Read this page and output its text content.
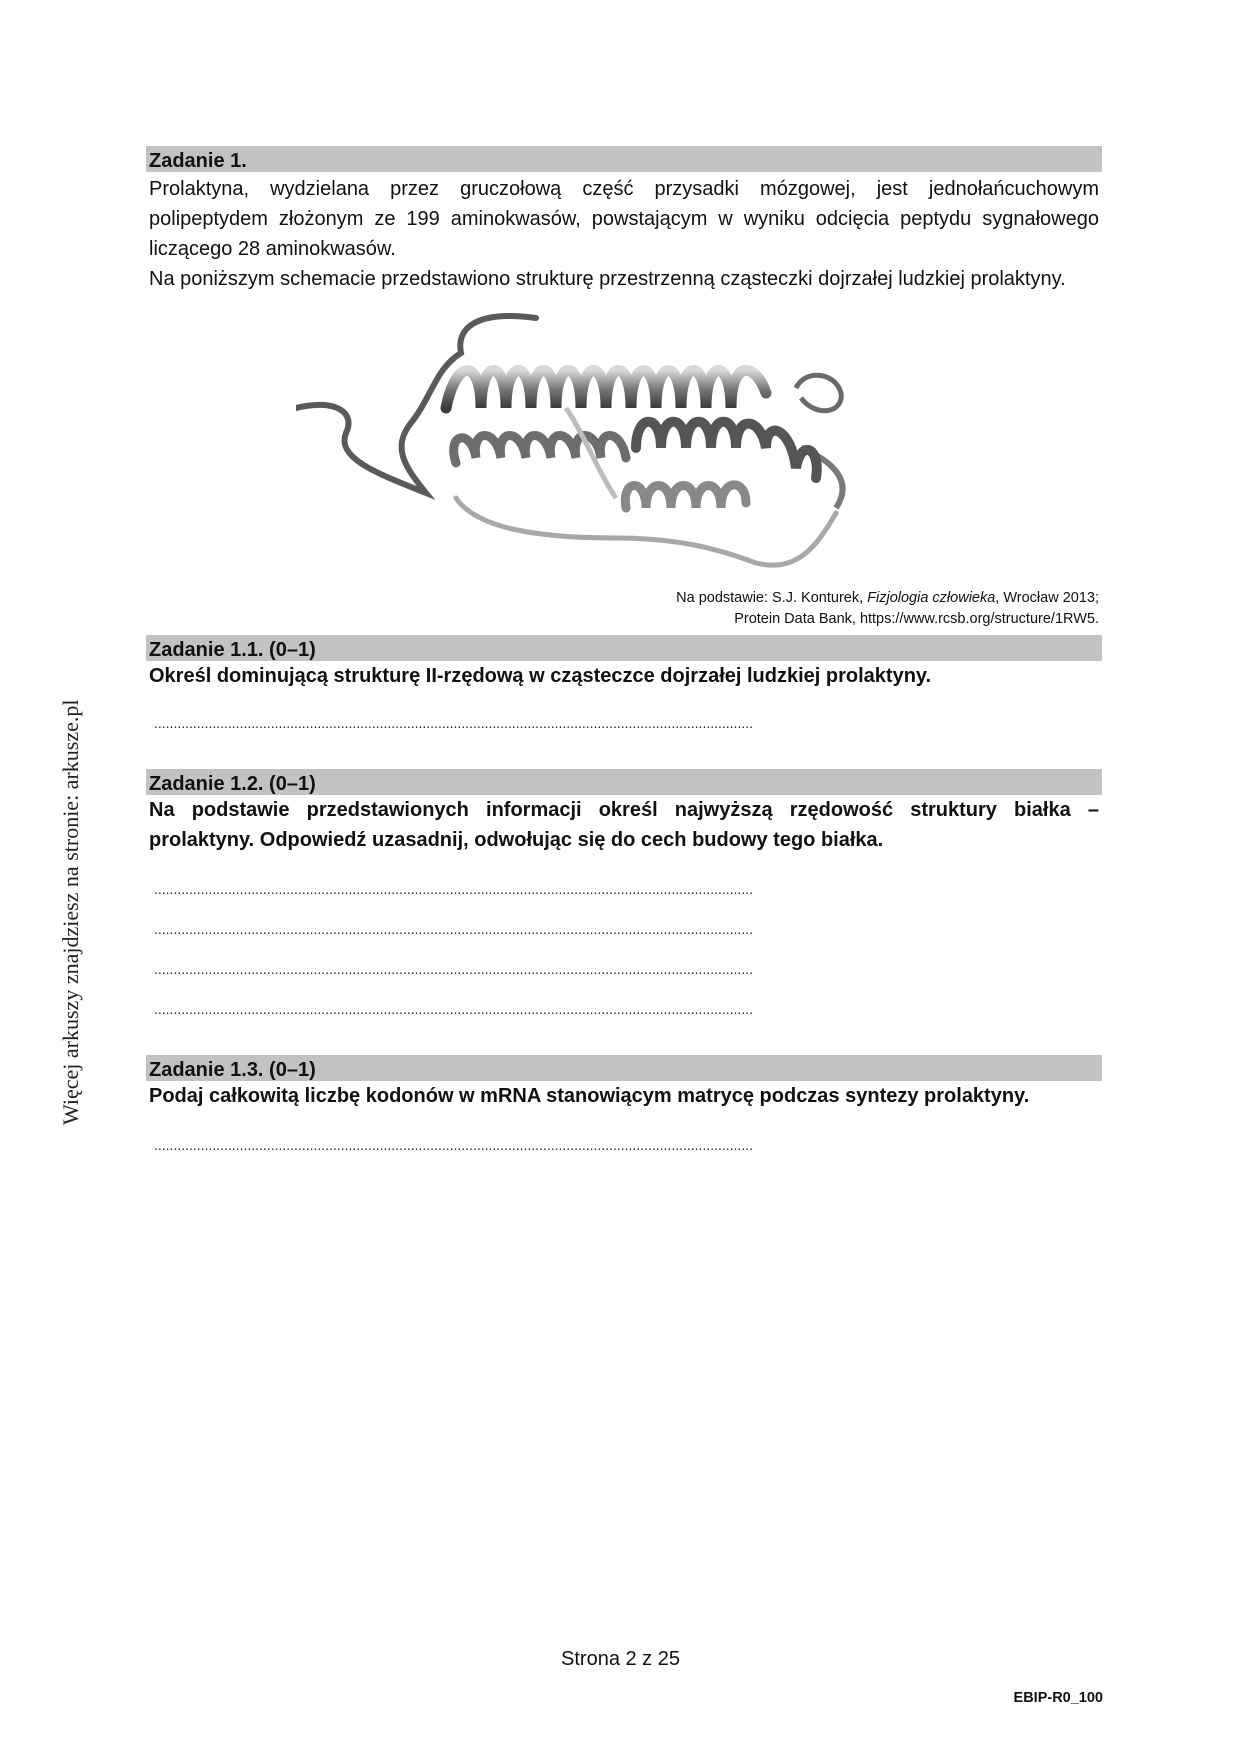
Więcej arkuszy znajdziesz na stronie: arkusze.pl
Zadanie 1.
Prolaktyna, wydzielana przez gruczołową część przysadki mózgowej, jest jednołańcuchowym polipeptydem złożonym ze 199 aminokwasów, powstającym w wyniku odcięcia peptydu sygnałowego liczącego 28 aminokwasów.
Na poniższym schemacie przedstawiono strukturę przestrzenną cząsteczki dojrzałej ludzkiej prolaktyny.
Na podstawie: S.J. Konturek, Fizjologia człowieka, Wrocław 2013;
Protein Data Bank, https://www.rcsb.org/structure/1RW5.
Zadanie 1.1. (0–1)
Określ dominującą strukturę II-rzędową w cząsteczce dojrzałej ludzkiej prolaktyny.
..........................................................................................................................................................
Zadanie 1.2. (0–1)
Na podstawie przedstawionych informacji określ najwyższą rzędowość struktury białka – prolaktyny. Odpowiedź uzasadnij, odwołując się do cech budowy tego białka.
..........................................................................................................................................................
..........................................................................................................................................................
..........................................................................................................................................................
..........................................................................................................................................................
Zadanie 1.3. (0–1)
Podaj całkowitą liczbę kodonów w mRNA stanowiącym matrycę podczas syntezy prolaktyny.
..........................................................................................................................................................
Strona 2 z 25
EBIP-R0_100
